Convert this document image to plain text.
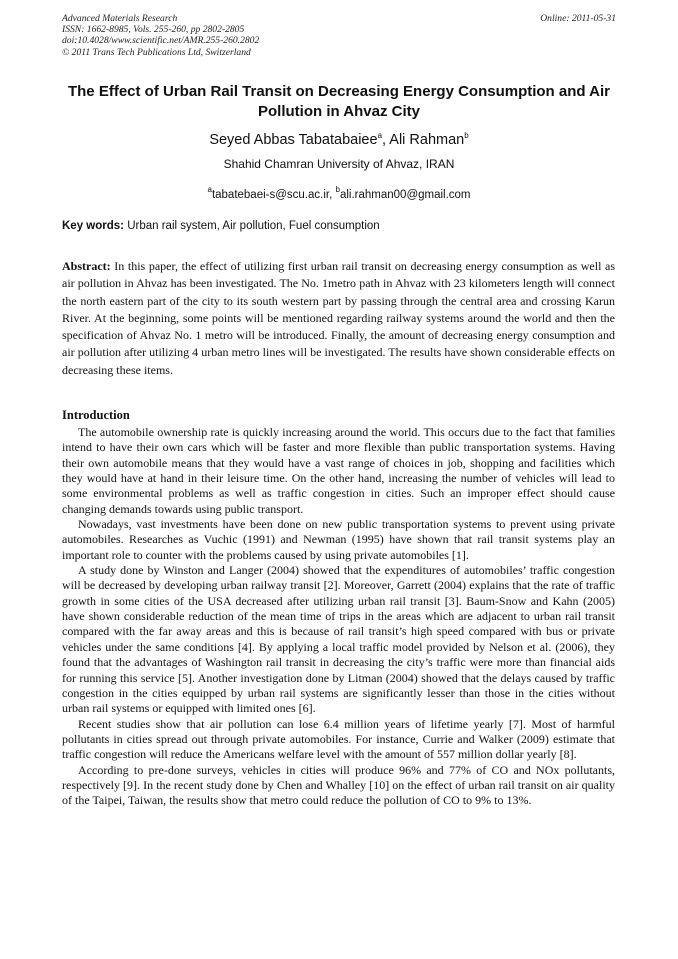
Advanced Materials Research
ISSN: 1662-8985, Vols. 255-260, pp 2802-2805
doi:10.4028/www.scientific.net/AMR.255-260.2802
© 2011 Trans Tech Publications Ltd, Switzerland
Online: 2011-05-31
The Effect of Urban Rail Transit on Decreasing Energy Consumption and Air Pollution in Ahvaz City
Seyed Abbas Tabatabaiee$^a$, Ali Rahman$^b$
Shahid Chamran University of Ahvaz, IRAN
$^a$tabatebaei-s@scu.ac.ir, $^b$ali.rahman00@gmail.com
Key words: Urban rail system, Air pollution, Fuel consumption

Abstract: In this paper, the effect of utilizing first urban rail transit on decreasing energy consumption as well as air pollution in Ahvaz has been investigated. The No. 1metro path in Ahvaz with 23 kilometers length will connect the north eastern part of the city to its south western part by passing through the central area and crossing Karun River. At the beginning, some points will be mentioned regarding railway systems around the world and then the specification of Ahvaz No. 1 metro will be introduced. Finally, the amount of decreasing energy consumption and air pollution after utilizing 4 urban metro lines will be investigated. The results have shown considerable effects on decreasing these items.

Introduction

The automobile ownership rate is quickly increasing around the world. This occurs due to the fact that families intend to have their own cars which will be faster and more flexible than public transportation systems. Having their own automobile means that they would have a vast range of choices in job, shopping and facilities which they would have at hand in their leisure time. On the other hand, increasing the number of vehicles will lead to some environmental problems as well as traffic congestion in cities. Such an improper effect should cause changing demands towards using public transport.

Nowadays, vast investments have been done on new public transportation systems to prevent using private automobiles. Researches as Vuchic (1991) and Newman (1995) have shown that rail transit systems play an important role to counter with the problems caused by using private automobiles [1].

A study done by Winston and Langer (2004) showed that the expenditures of automobiles’ traffic congestion will be decreased by developing urban railway transit [2]. Moreover, Garrett (2004) explains that the rate of traffic growth in some cities of the USA decreased after utilizing urban rail transit [3]. Baum-Snow and Kahn (2005) have shown considerable reduction of the mean time of trips in the areas which are adjacent to urban rail transit compared with the far away areas and this is because of rail transit’s high speed compared with bus or private vehicles under the same conditions [4]. By applying a local traffic model provided by Nelson et al. (2006), they found that the advantages of Washington rail transit in decreasing the city’s traffic were more than financial aids for running this service [5]. Another investigation done by Litman (2004) showed that the delays caused by traffic congestion in the cities equipped by urban rail systems are significantly lesser than those in the cities without urban rail systems or equipped with limited ones [6].

Recent studies show that air pollution can lose 6.4 million years of lifetime yearly [7]. Most of harmful pollutants in cities spread out through private automobiles. For instance, Currie and Walker (2009) estimate that traffic congestion will reduce the Americans welfare level with the amount of 557 million dollar yearly [8].

According to pre-done surveys, vehicles in cities will produce 96% and 77% of CO and NOx pollutants, respectively [9]. In the recent study done by Chen and Whalley [10] on the effect of urban rail transit on air quality of the Taipei, Taiwan, the results show that metro could reduce the pollution of CO to 9% to 13%.
